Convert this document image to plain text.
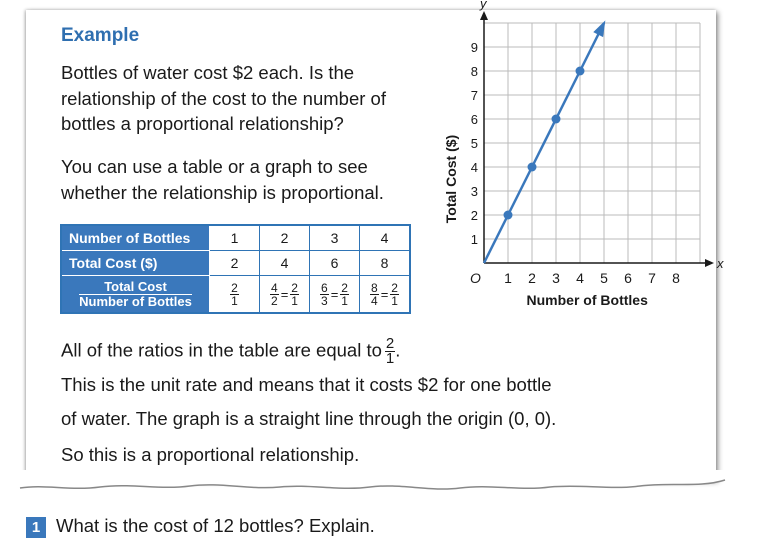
Example
Bottles of water cost $2 each. Is the relationship of the cost to the number of bottles a proportional relationship?
You can use a table or a graph to see whether the relationship is proportional.
Number of Bottles	1	2	3	4
Total Cost ($)	2	4	6	8

$\frac{\text{Total Cost}}{\text{Number of Bottles}}$	$\frac{2}{1}$	$\frac{4}{2} = \frac{2}{1}$	$\frac{6}{3} = \frac{2}{1}$	$\frac{8}{4} = \frac{2}{1}$
x
y
1 2 3 4 5 6 7 8
1
2
3
4
5
6
7
8
9
O
Number of Bottles
Total Cost ($)
All of the ratios in the table are equal to $\frac{2}{1}$ .
This is the unit rate and means that it costs $2 for one bottle
of water. The graph is a straight line through the origin (0, 0).
So this is a proportional relationship.
1 What is the cost of 12 bottles? Explain.
